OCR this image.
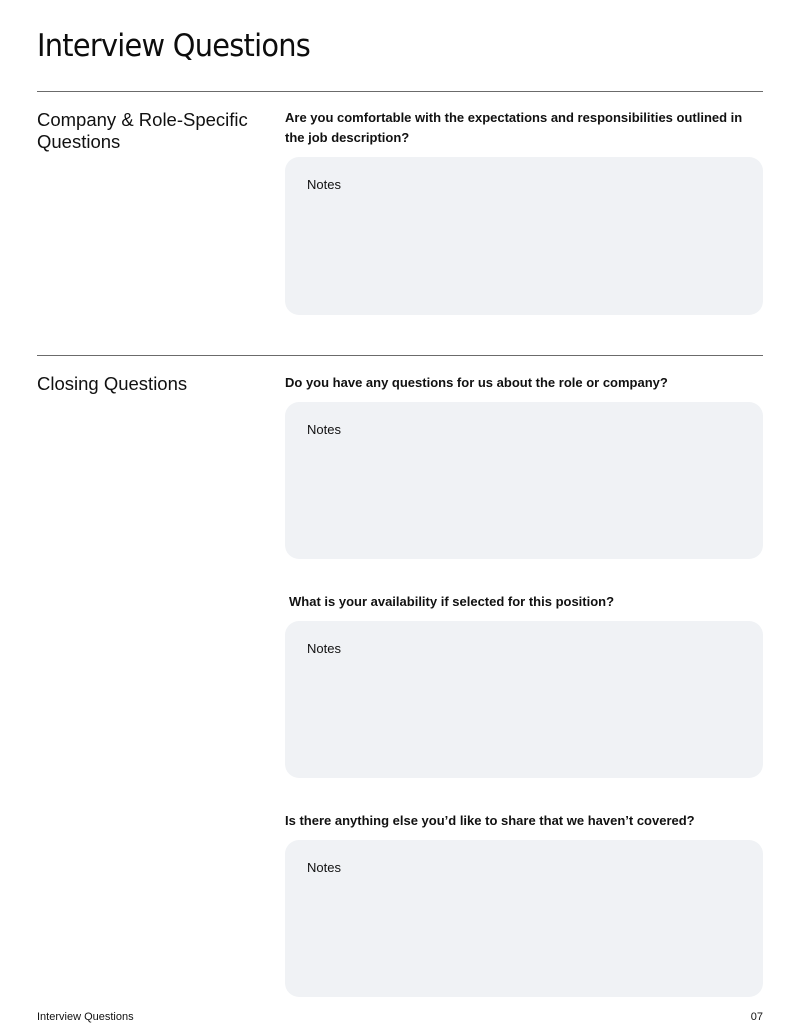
Interview Questions
Company & Role-Specific Questions
Are you comfortable with the expectations and responsibilities outlined in the job description?
Notes
Closing Questions	Do you have any questions for us about the role or company?
Notes
What is your availability if selected for this position?
Notes
Is there anything else you’d like to share that we haven’t covered?
Notes
Interview Questions	07
